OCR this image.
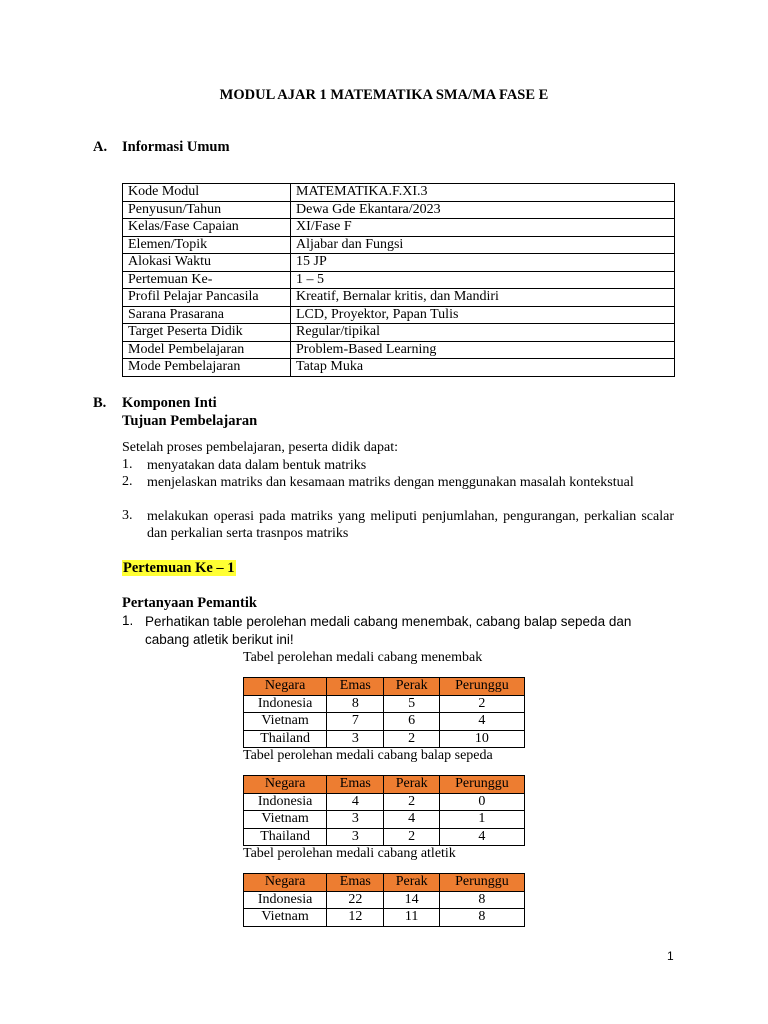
MODUL AJAR 1 MATEMATIKA SMA/MA FASE E
A. Informasi Umum
Kode Modul	MATEMATIKA.F.XI.3
Penyusun/Tahun	Dewa Gde Ekantara/2023
Kelas/Fase Capaian	XI/Fase F
Elemen/Topik	Aljabar dan Fungsi
Alokasi Waktu	15 JP
Pertemuan Ke-	1 – 5
Profil Pelajar Pancasila	Kreatif, Bernalar kritis, dan Mandiri
Sarana Prasarana	LCD, Proyektor, Papan Tulis
Target Peserta Didik	Regular/tipikal
Model Pembelajaran	Problem-Based Learning
Mode Pembelajaran	Tatap Muka
B. Komponen Inti
Tujuan Pembelajaran
Setelah proses pembelajaran, peserta didik dapat:
1. menyatakan data dalam bentuk matriks
2. menjelaskan matriks dan kesamaan matriks dengan menggunakan masalah kontekstual
3. melakukan operasi pada matriks yang meliputi penjumlahan, pengurangan, perkalian scalar dan perkalian serta trasnpos matriks
Pertemuan Ke – 1
Pertanyaan Pemantik
1. Perhatikan table perolehan medali cabang menembak, cabang balap sepeda dan cabang atletik berikut ini!
Tabel perolehan medali cabang menembak
Negara	Emas	Perak	Perunggu
Indonesia	8	5	2
Vietnam	7	6	4
Thailand	3	2	10
Tabel perolehan medali cabang balap sepeda
Negara	Emas	Perak	Perunggu
Indonesia	4	2	0
Vietnam	3	4	1
Thailand	3	2	4
Tabel perolehan medali cabang atletik
Negara	Emas	Perak	Perunggu
Indonesia	22	14	8
Vietnam	12	11	8
1
